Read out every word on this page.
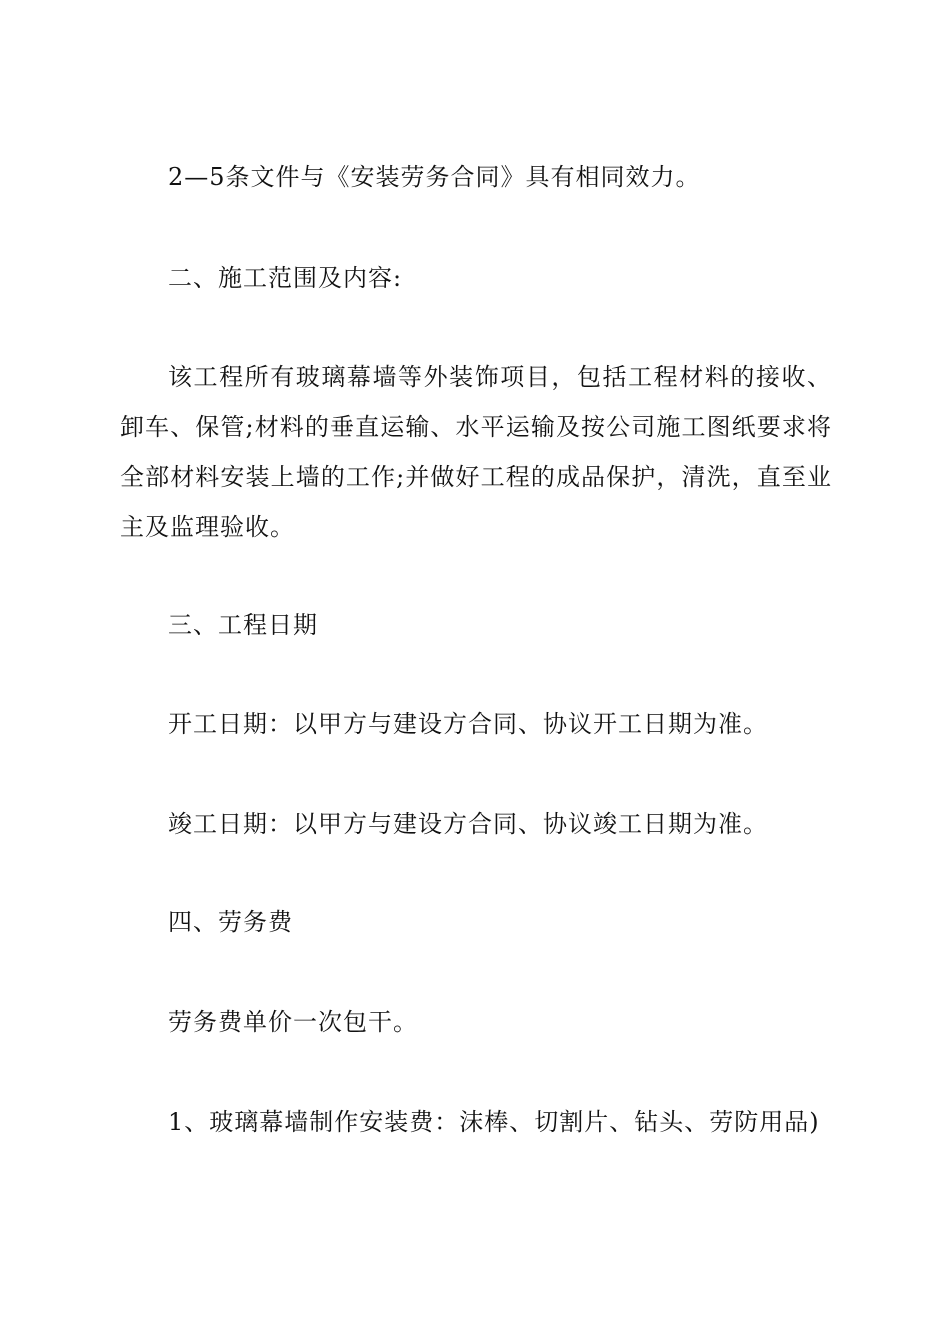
2—5条文件与《安装劳务合同》具有相同效力。
二、施工范围及内容:
该工程所有玻璃幕墙等外装饰项目，包括工程材料的接收、卸车、保管;材料的垂直运输、水平运输及按公司施工图纸要求将全部材料安装上墙的工作;并做好工程的成品保护，清洗，直至业主及监理验收。
三、工程日期
开工日期：以甲方与建设方合同、协议开工日期为准。
竣工日期：以甲方与建设方合同、协议竣工日期为准。
四、劳务费
劳务费单价一次包干。
1、玻璃幕墙制作安装费：沫棒、切割片、钻头、劳防用品)
